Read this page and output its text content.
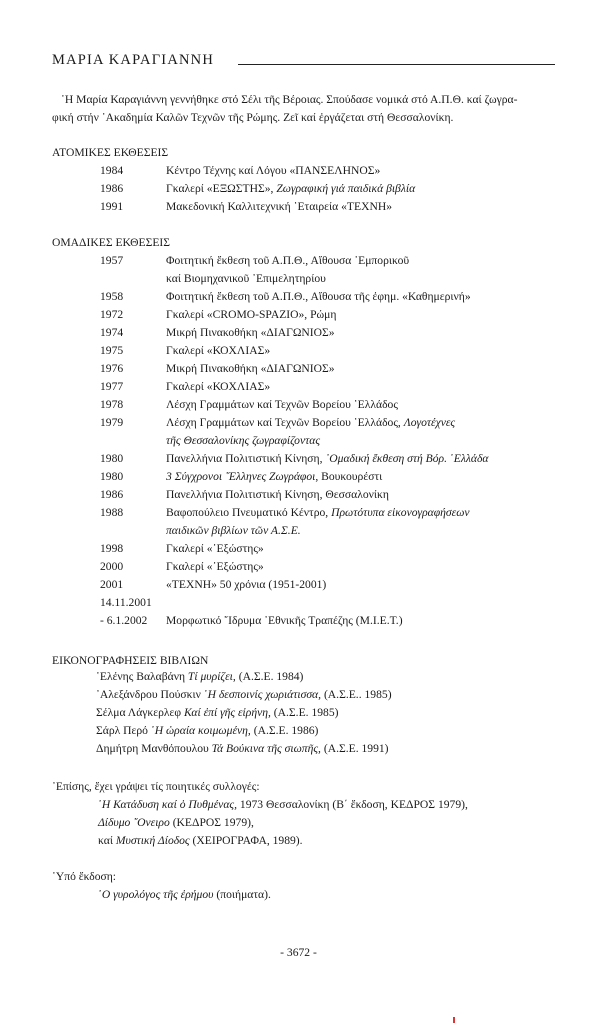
ΜΑΡΙΑ ΚΑΡΑΓΙΑΝΝΗ

῾Η Μαρία Καραγιάννη γεννήθηκε στό Σέλι τῆς Βέροιας. Σπούδασε νομικά στό Α.Π.Θ. καί ζωγρα-

φική στήν ᾿Ακαδημία Καλῶν Τεχνῶν τῆς Ρώμης. Ζεῖ καί ἐργάζεται στή Θεσσαλονίκη.

ΑΤΟΜΙΚΕΣ ΕΚΘΕΣΕΙΣ
1984	Κέντρο Τέχνης καί Λόγου «ΠΑΝΣΕΛΗΝΟΣ»
1986	Γκαλερί «ΕΞΩΣΤΗΣ», Ζωγραφική γιά παιδικά βιβλία
1991	Μακεδονική Καλλιτεχνική ῾Εταιρεία «ΤΕΧΝΗ»
ΟΜΑΔΙΚΕΣ ΕΚΘΕΣΕΙΣ
1957	Φοιτητική ἔκθεση τοῦ Α.Π.Θ., Αἴθουσα ᾿Εμπορικοῦ
καί Βιομηχανικοῦ ᾿Επιμελητηρίου
1958	Φοιτητική ἔκθεση τοῦ Α.Π.Θ., Αἴθουσα τῆς ἐφημ. «Καθημερινή»
1972	Γκαλερί «CROMO-SPAZIO», Ρώμη
1974	Μικρή Πινακοθήκη «ΔΙΑΓΩΝΙΟΣ»
1975	Γκαλερί «ΚΟΧΛΙΑΣ»
1976	Μικρή Πινακοθήκη «ΔΙΑΓΩΝΙΟΣ»
1977	Γκαλερί «ΚΟΧΛΙΑΣ»
1978	Λέσχη Γραμμάτων καί Τεχνῶν Βορείου ῾Ελλάδος
1979	Λέσχη Γραμμάτων καί Τεχνῶν Βορείου ῾Ελλάδος, Λογοτέχνες
τῆς Θεσσαλονίκης ζωγραφίζοντας
1980	Πανελλήνια Πολιτιστική Κίνηση, ᾿Ομαδική ἔκθεση στή Βόρ. ῾Ελλάδα
1980	3 Σύγχρονοι ῞Ελληνες Ζωγράφοι, Βουκουρέστι
1986	Πανελλήνια Πολιτιστική Κίνηση, Θεσσαλονίκη
1988	Βαφοπούλειο Πνευματικό Κέντρο, Πρωτότυπα εἰκονογραφήσεων
παιδικῶν βιβλίων τῶν Α.Σ.Ε.
1998	Γκαλερί «᾿Εξώστης»
2000	Γκαλερί «᾿Εξώστης»
2001	«ΤΕΧΝΗ» 50 χρόνια (1951-2001)
14.11.2001
- 6.1.2002	Μορφωτικό ῎Ιδρυμα ᾿Εθνικῆς Τραπέζης (Μ.Ι.Ε.Τ.)
ΕΙΚΟΝΟΓΡΑΦΗΣΕΙΣ ΒΙΒΛΙΩΝ
῾Ελένης Βαλαβάνη Τί μυρίζει, (Α.Σ.Ε. 1984)
᾿Αλεξάνδρου Πούσκιν ῾Η δεσποινίς χωριάτισσα, (Α.Σ.Ε.. 1985)
Σέλμα Λάγκερλεφ Καί ἐπί γῆς εἰρήνη, (Α.Σ.Ε. 1985)
Σάρλ Περό ῾Η ὡραία κοιμωμένη, (Α.Σ.Ε. 1986)
Δημήτρη Μανθόπουλου Τά Βούκινα τῆς σιωπῆς, (Α.Σ.Ε. 1991)
᾿Επίσης, ἔχει γράψει τίς ποιητικές συλλογές:
῾Η Κατάδυση καί ὁ Πυθμένας, 1973 Θεσσαλονίκη (Β΄ ἔκδοση, ΚΕΔΡΟΣ 1979),
Δίδυμο ῎Ονειρο (ΚΕΔΡΟΣ 1979),
καί Μυστική Δίοδος (ΧΕΙΡΟΓΡΑΦΑ, 1989).
῾Υπό ἔκδοση:
῾Ο γυρολόγος τῆς ἐρήμου (ποιήματα).
- 3672 -
